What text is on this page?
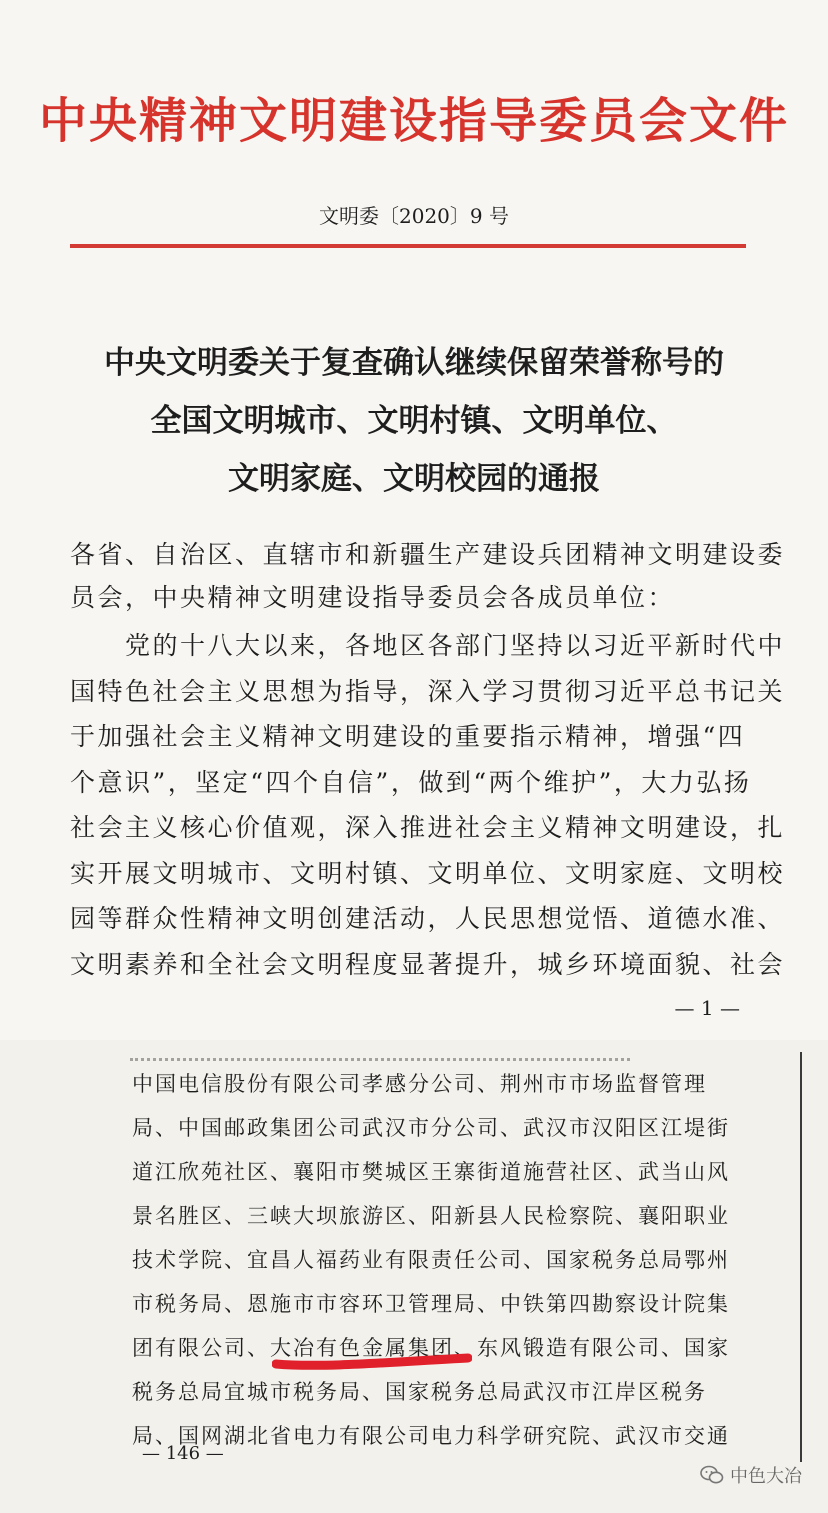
中央精神文明建设指导委员会文件
文明委〔2020〕9 号
中央文明委关于复查确认继续保留荣誉称号的
全国文明城市、文明村镇、文明单位、
文明家庭、文明校园的通报
各省、自治区、直辖市和新疆生产建设兵团精神文明建设委
员会，中央精神文明建设指导委员会各成员单位：
　　党的十八大以来，各地区各部门坚持以习近平新时代中
国特色社会主义思想为指导，深入学习贯彻习近平总书记关
于加强社会主义精神文明建设的重要指示精神，增强“四
个意识”，坚定“四个自信”，做到“两个维护”，大力弘扬
社会主义核心价值观，深入推进社会主义精神文明建设，扎
实开展文明城市、文明村镇、文明单位、文明家庭、文明校
园等群众性精神文明创建活动，人民思想觉悟、道德水准、
文明素养和全社会文明程度显著提升，城乡环境面貌、社会
— 1 —
中国电信股份有限公司孝感分公司、荆州市市场监督管理
局、中国邮政集团公司武汉市分公司、武汉市汉阳区江堤街
道江欣苑社区、襄阳市樊城区王寨街道施营社区、武当山风
景名胜区、三峡大坝旅游区、阳新县人民检察院、襄阳职业
技术学院、宜昌人福药业有限责任公司、国家税务总局鄂州
市税务局、恩施市市容环卫管理局、中铁第四勘察设计院集
团有限公司、大冶有色金属集团、东风锻造有限公司、国家
税务总局宜城市税务局、国家税务总局武汉市江岸区税务
局、国网湖北省电力有限公司电力科学研究院、武汉市交通
— 146 —
中色大冶
